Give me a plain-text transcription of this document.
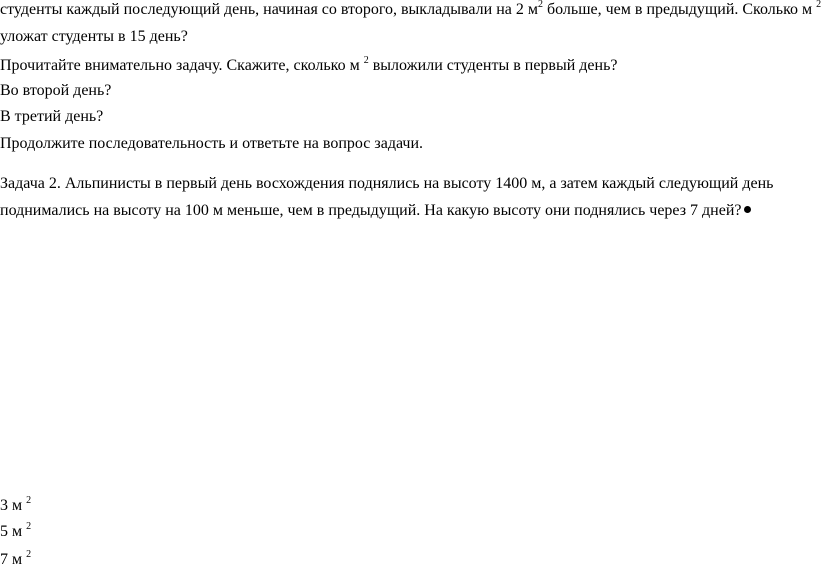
студенты каждый последующий день, начиная со второго, выкладывали на 2 $м^2$ больше, чем в предыдущий. Сколько м $^2$
уложат студенты в 15 день?
Прочитайте внимательно задачу. Скажите, сколько м $^2$ выложили студенты в первый день?
Во второй день?
В третий день?
Продолжите последовательность и ответьте на вопрос задачи.
Задача 2. Альпинисты в первый день восхождения поднялись на высоту 1400 м, а затем каждый следующий день
поднимались на высоту на 100 м меньше, чем в предыдущий. На какую высоту они поднялись через 7 дней?
3 м $^2$
5 м $^2$
7 м $^2$
